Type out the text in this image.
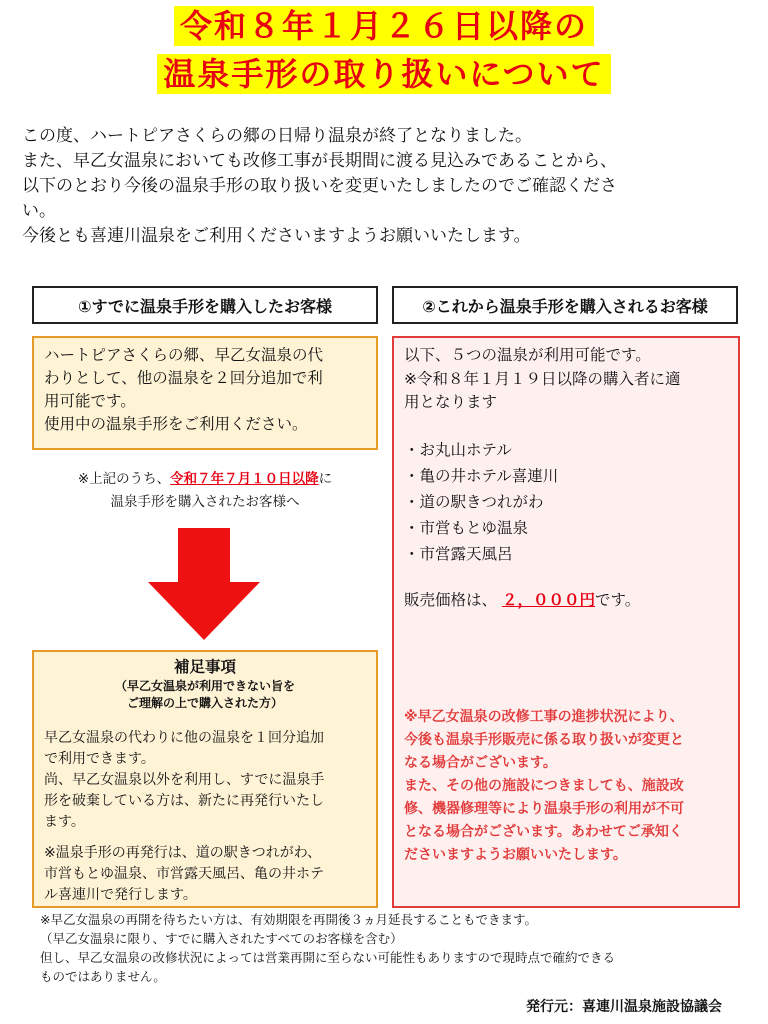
令和８年１月２６日以降の
温泉手形の取り扱いについて
この度、ハートピアさくらの郷の日帰り温泉が終了となりました。
また、早乙女温泉においても改修工事が長期間に渡る見込みであることから、
以下のとおり今後の温泉手形の取り扱いを変更いたしましたのでご確認くださ
い。
今後とも喜連川温泉をご利用くださいますようお願いいたします。
①すでに温泉手形を購入したお客様	②これから温泉手形を購入されるお客様
ハートピアさくらの郷、早乙女温泉の代
わりとして、他の温泉を２回分追加で利
用可能です。
使用中の温泉手形をご利用ください。
※上記のうち、令和７年７月１０日以降に
温泉手形を購入されたお客様へ
補足事項
（早乙女温泉が利用できない旨を
ご理解の上で購入された方）
早乙女温泉の代わりに他の温泉を１回分追加
で利用できます。
尚、早乙女温泉以外を利用し、すでに温泉手
形を破棄している方は、新たに再発行いたし
ます。
※温泉手形の再発行は、道の駅きつれがわ、
市営もとゆ温泉、市営露天風呂、亀の井ホテ
ル喜連川で発行します。
以下、５つの温泉が利用可能です。
※令和８年１月１９日以降の購入者に適
用となります
・お丸山ホテル
・亀の井ホテル喜連川
・道の駅きつれがわ
・市営もとゆ温泉
・市営露天風呂
販売価格は、 ２，０００円です。
※早乙女温泉の改修工事の進捗状況により、
今後も温泉手形販売に係る取り扱いが変更と
なる場合がございます。
また、その他の施設につきましても、施設改
修、機器修理等により温泉手形の利用が不可
となる場合がございます。あわせてご承知く
ださいますようお願いいたします。
※早乙女温泉の再開を待ちたい方は、有効期限を再開後３ヵ月延長することもできます。
（早乙女温泉に限り、すでに購入されたすべてのお客様を含む）
但し、早乙女温泉の改修状況によっては営業再開に至らない可能性もありますので現時点で確約できる
ものではありません。
発行元：喜連川温泉施設協議会
